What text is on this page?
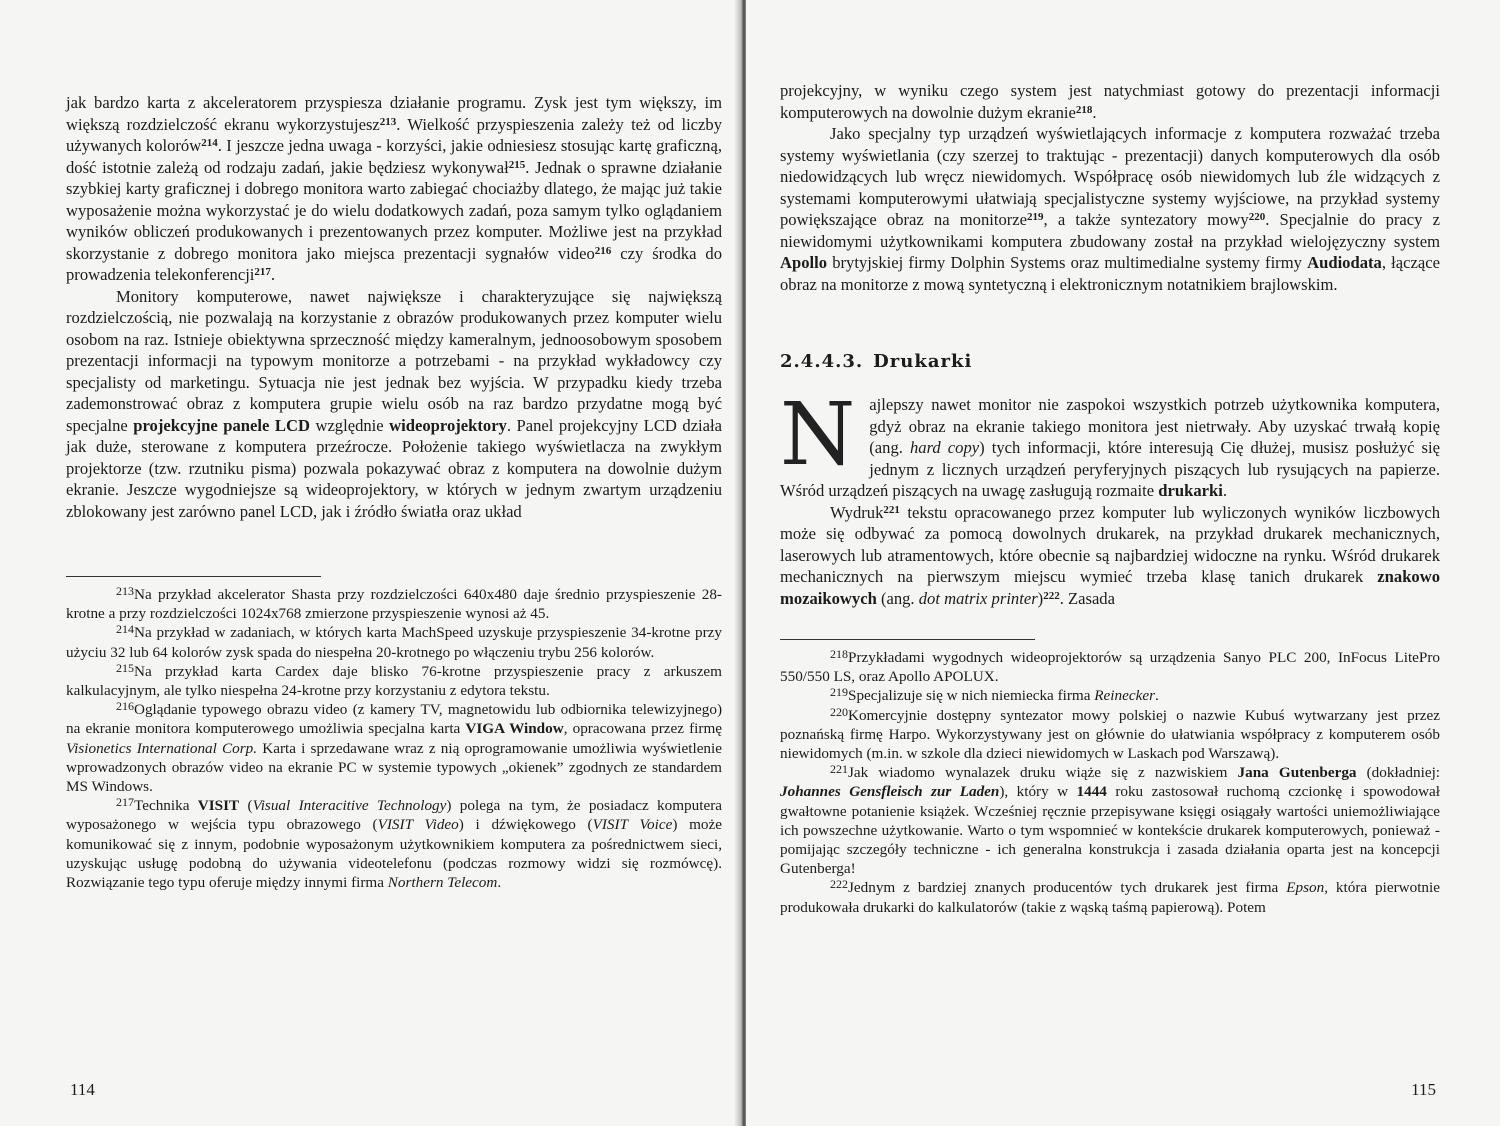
jak bardzo karta z akceleratorem przyspiesza działanie programu. Zysk jest tym większy, im większą rozdzielczość ekranu wykorzystujesz$^{213}$. Wielkość przyspieszenia zależy też od liczby używanych kolorów$^{214}$. I jeszcze jedna uwaga - korzyści, jakie odniesiesz stosując kartę graficzną, dość istotnie zależą od rodzaju zadań, jakie będziesz wykonywał$^{215}$. Jednak o sprawne działanie szybkiej karty graficznej i dobrego monitora warto zabiegać chociażby dlatego, że mając już takie wyposażenie można wykorzystać je do wielu dodatkowych zadań, poza samym tylko oglądaniem wyników obliczeń produkowanych i prezentowanych przez komputer. Możliwe jest na przykład skorzystanie z dobrego monitora jako miejsca prezentacji sygnałów video$^{216}$ czy środka do prowadzenia telekonferencji$^{217}$.

Monitory komputerowe, nawet największe i charakteryzujące się największą rozdzielczością, nie pozwalają na korzystanie z obrazów produkowanych przez komputer wielu osobom na raz. Istnieje obiektywna sprzeczność między kameralnym, jednoosobowym sposobem prezentacji informacji na typowym monitorze a potrzebami - na przykład wykładowcy czy specjalisty od marketingu. Sytuacja nie jest jednak bez wyjścia. W przypadku kiedy trzeba zademonstrować obraz z komputera grupie wielu osób na raz bardzo przydatne mogą być specjalne projekcyjne panele LCD względnie wideoprojektory. Panel projekcyjny LCD działa jak duże, sterowane z komputera przeźrocze. Położenie takiego wyświetlacza na zwykłym projektorze (tzw. rzutniku pisma) pozwala pokazywać obraz z komputera na dowolnie dużym ekranie. Jeszcze wygodniejsze są wideoprojektory, w których w jednym zwartym urządzeniu zblokowany jest zarówno panel LCD, jak i źródło światła oraz układ

$^{213}$Na przykład akcelerator Shasta przy rozdzielczości 640x480 daje średnio przyspieszenie 28-krotne a przy rozdzielczości 1024x768 zmierzone przyspieszenie wynosi aż 45.

$^{214}$Na przykład w zadaniach, w których karta MachSpeed uzyskuje przyspieszenie 34-krotne przy użyciu 32 lub 64 kolorów zysk spada do niespełna 20-krotnego po włączeniu trybu 256 kolorów.

$^{215}$Na przykład karta Cardex daje blisko 76-krotne przyspieszenie pracy z arkuszem kalkulacyjnym, ale tylko niespełna 24-krotne przy korzystaniu z edytora tekstu.

$^{216}$Oglądanie typowego obrazu video (z kamery TV, magnetowidu lub odbiornika telewizyjnego) na ekranie monitora komputerowego umożliwia specjalna karta VIGA Window, opracowana przez firmę Visionetics International Corp. Karta i sprzedawane wraz z nią oprogramowanie umożliwia wyświetlenie wprowadzonych obrazów video na ekranie PC w systemie typowych „okienek” zgodnych ze standardem MS Windows.

$^{217}$Technika VISIT (Visual Interacitive Technology) polega na tym, że posiadacz komputera wyposażonego w wejścia typu obrazowego (VISIT Video) i dźwiękowego (VISIT Voice) może komunikować się z innym, podobnie wyposażonym użytkownikiem komputera za pośrednictwem sieci, uzyskując usługę podobną do używania videotelefonu (podczas rozmowy widzi się rozmówcę). Rozwiązanie tego typu oferuje między innymi firma Northern Telecom.

114

projekcyjny, w wyniku czego system jest natychmiast gotowy do prezentacji informacji komputerowych na dowolnie dużym ekranie$^{218}$.

Jako specjalny typ urządzeń wyświetlających informacje z komputera rozważać trzeba systemy wyświetlania (czy szerzej to traktując - prezentacji) danych komputerowych dla osób niedowidzących lub wręcz niewidomych. Współpracę osób niewidomych lub źle widzących z systemami komputerowymi ułatwiają specjalistyczne systemy wyjściowe, na przykład systemy powiększające obraz na monitorze$^{219}$, a także syntezatory mowy$^{220}$. Specjalnie do pracy z niewidomymi użytkownikami komputera zbudowany został na przykład wielojęzyczny system Apollo brytyjskiej firmy Dolphin Systems oraz multimedialne systemy firmy Audiodata, łączące obraz na monitorze z mową syntetyczną i elektronicznym notatnikiem brajlowskim.

2.4.4.3. Drukarki

Najlepszy nawet monitor nie zaspokoi wszystkich potrzeb użytkownika komputera, gdyż obraz na ekranie takiego monitora jest nietrwały. Aby uzyskać trwałą kopię (ang. hard copy) tych informacji, które interesują Cię dłużej, musisz posłużyć się jednym z licznych urządzeń peryferyjnych piszących lub rysujących na papierze. Wśród urządzeń piszących na uwagę zasługują rozmaite drukarki.

Wydruk$^{221}$ tekstu opracowanego przez komputer lub wyliczonych wyników liczbowych może się odbywać za pomocą dowolnych drukarek, na przykład drukarek mechanicznych, laserowych lub atramentowych, które obecnie są najbardziej widoczne na rynku. Wśród drukarek mechanicznych na pierwszym miejscu wymieć trzeba klasę tanich drukarek znakowo mozaikowych (ang. dot matrix printer)$^{222}$. Zasada

$^{218}$Przykładami wygodnych wideoprojektorów są urządzenia Sanyo PLC 200, InFocus LitePro 550/550 LS, oraz Apollo APOLUX.

$^{219}$Specjalizuje się w nich niemiecka firma Reinecker.

$^{220}$Komercyjnie dostępny syntezator mowy polskiej o nazwie Kubuś wytwarzany jest przez poznańską firmę Harpo. Wykorzystywany jest on głównie do ułatwiania współpracy z komputerem osób niewidomych (m.in. w szkole dla dzieci niewidomych w Laskach pod Warszawą).

$^{221}$Jak wiadomo wynalazek druku wiąże się z nazwiskiem Jana Gutenberga (dokładniej: Johannes Gensfleisch zur Laden), który w 1444 roku zastosował ruchomą czcionkę i spowodował gwałtowne potanienie książek. Wcześniej ręcznie przepisywane księgi osiągały wartości uniemożliwiające ich powszechne użytkowanie. Warto o tym wspomnieć w kontekście drukarek komputerowych, ponieważ - pomijając szczegóły techniczne - ich generalna konstrukcja i zasada działania oparta jest na koncepcji Gutenberga!

$^{222}$Jednym z bardziej znanych producentów tych drukarek jest firma Epson, która pierwotnie produkowała drukarki do kalkulatorów (takie z wąską taśmą papierową). Potem

115
